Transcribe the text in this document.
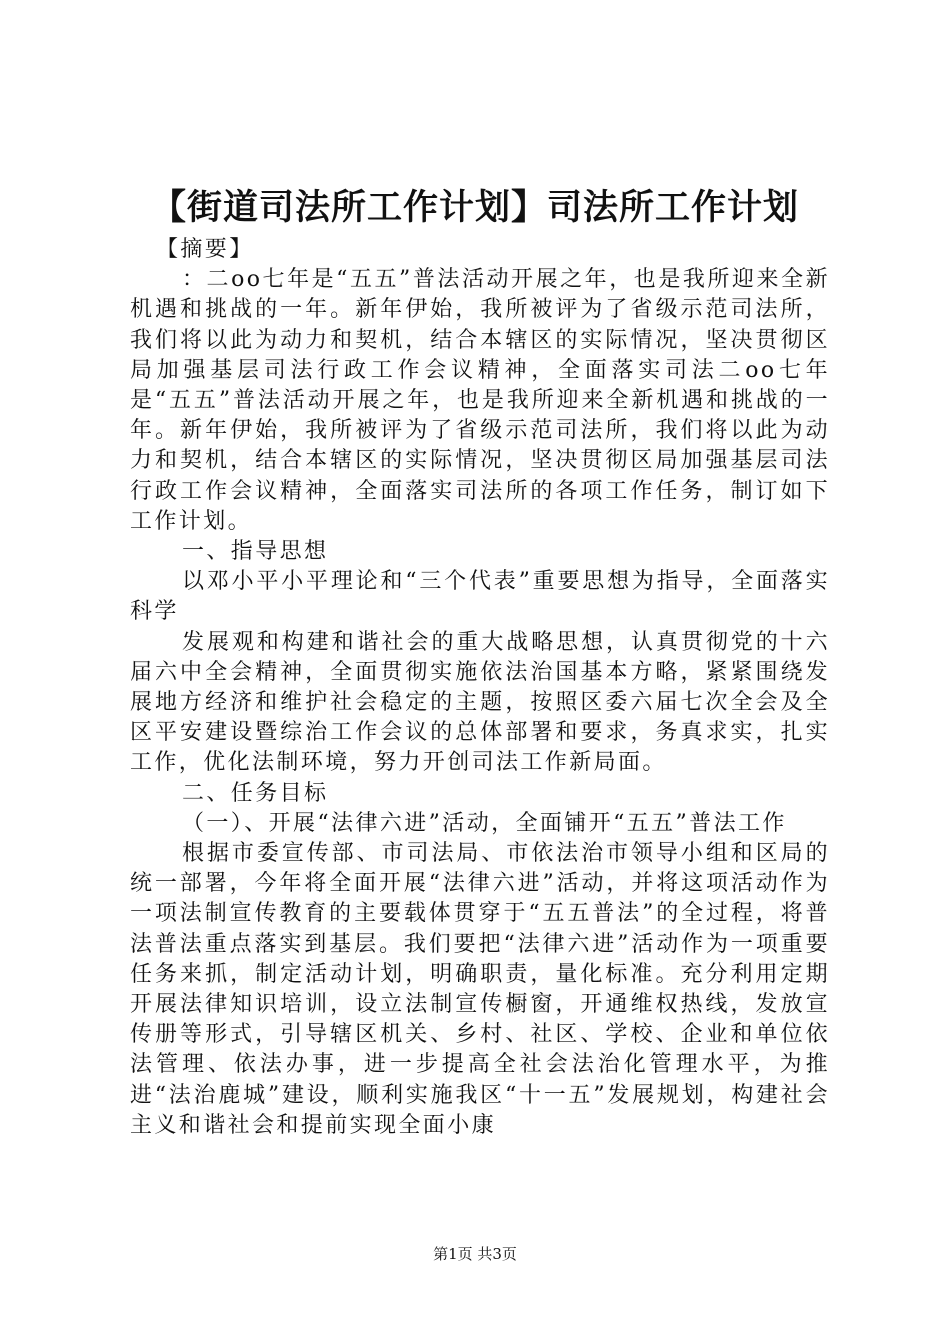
【街道司法所工作计划】司法所工作计划

【摘要】

：二oo七年是“五五”普法活动开展之年，也是我所迎来全新机遇和挑战的一年。新年伊始，我所被评为了省级示范司法所，我们将以此为动力和契机，结合本辖区的实际情况，坚决贯彻区局加强基层司法行政工作会议精神，全面落实司法二oo七年是“五五”普法活动开展之年，也是我所迎来全新机遇和挑战的一年。新年伊始，我所被评为了省级示范司法所，我们将以此为动力和契机，结合本辖区的实际情况，坚决贯彻区局加强基层司法行政工作会议精神，全面落实司法所的各项工作任务，制订如下工作计划。

一、指导思想

以邓小平小平理论和“三个代表”重要思想为指导，全面落实科学

发展观和构建和谐社会的重大战略思想，认真贯彻党的十六届六中全会精神，全面贯彻实施依法治国基本方略，紧紧围绕发展地方经济和维护社会稳定的主题，按照区委六届七次全会及全区平安建设暨综治工作会议的总体部署和要求，务真求实，扎实工作，优化法制环境，努力开创司法工作新局面。

二、任务目标

（一）、开展“法律六进”活动，全面铺开“五五”普法工作

根据市委宣传部、市司法局、市依法治市领导小组和区局的统一部署，今年将全面开展“法律六进”活动，并将这项活动作为一项法制宣传教育的主要载体贯穿于“五五普法”的全过程，将普法普法重点落实到基层。我们要把“法律六进”活动作为一项重要任务来抓，制定活动计划，明确职责，量化标准。充分利用定期开展法律知识培训，设立法制宣传橱窗，开通维权热线，发放宣传册等形式，引导辖区机关、乡村、社区、学校、企业和单位依法管理、依法办事，进一步提高全社会法治化管理水平，为推进“法治鹿城”建设，顺利实施我区“十一五”发展规划，构建社会主义和谐社会和提前实现全面小康

第1页 共3页
